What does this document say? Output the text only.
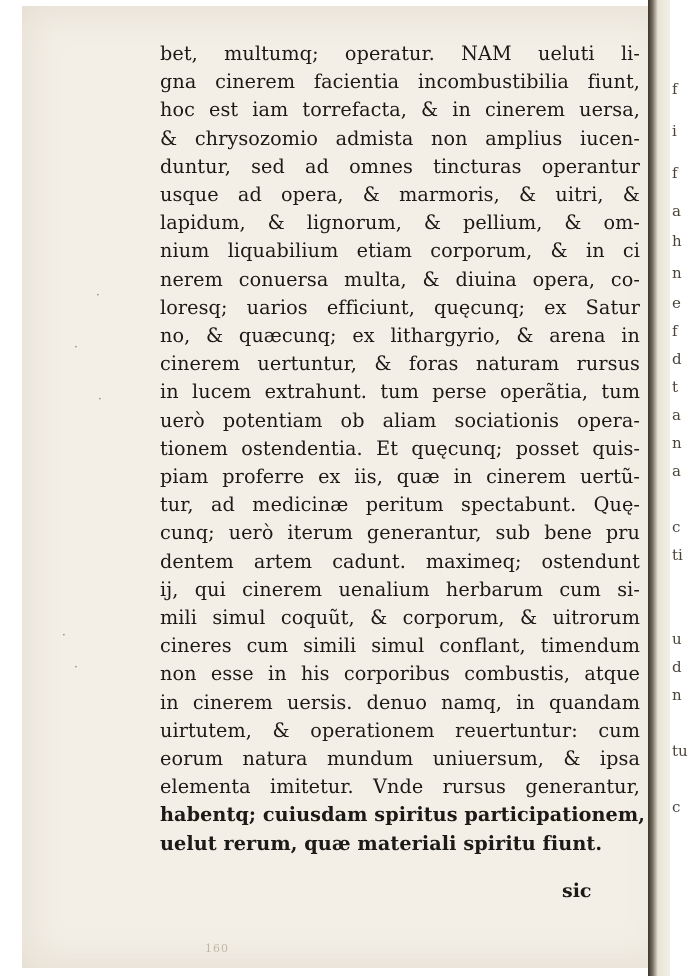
bet, multumq; operatur. NAM ueluti li-
gna cinerem facientia incombustibilia fiunt,
hoc est iam torrefacta, & in cinerem uersa,
& chrysozomio admista non amplius iucen-
duntur, sed ad omnes tincturas operantur
usque ad opera, & marmoris, & uitri, &
lapidum, & lignorum, & pellium, & om-
nium liquabilium etiam corporum, & in ci
nerem conuersa multa, & diuina opera, co-
loresq; uarios efficiunt, quęcunq; ex Satur
no, & quæcunq; ex lithargyrio, & arena in
cinerem uertuntur, & foras naturam rursus
in lucem extrahunt. tum perse operãtia, tum
uerò potentiam ob aliam sociationis opera-
tionem ostendentia. Et quęcunq; posset quis-
piam proferre ex iis, quæ in cinerem uertũ-
tur, ad medicinæ peritum spectabunt. Quę-
cunq; uerò iterum generantur, sub bene pru
dentem artem cadunt. maximeq; ostendunt
ij, qui cinerem uenalium herbarum cum si-
mili simul coquũt, & corporum, & uitrorum
cineres cum simili simul conflant, timendum
non esse in his corporibus combustis, atque
in cinerem uersis. denuo namq, in quandam
uirtutem, & operationem reuertuntur: cum
eorum natura mundum uniuersum, & ipsa
elementa imitetur. Vnde rursus generantur,
habentq; cuiusdam spiritus participationem,
uelut rerum, quæ materiali spiritu fiunt.
sic
160
f
i
f
a
h
n
e
f
d
t
a
n
a
c
ti
u
d
n
tu
c
·
·
·
·
·
